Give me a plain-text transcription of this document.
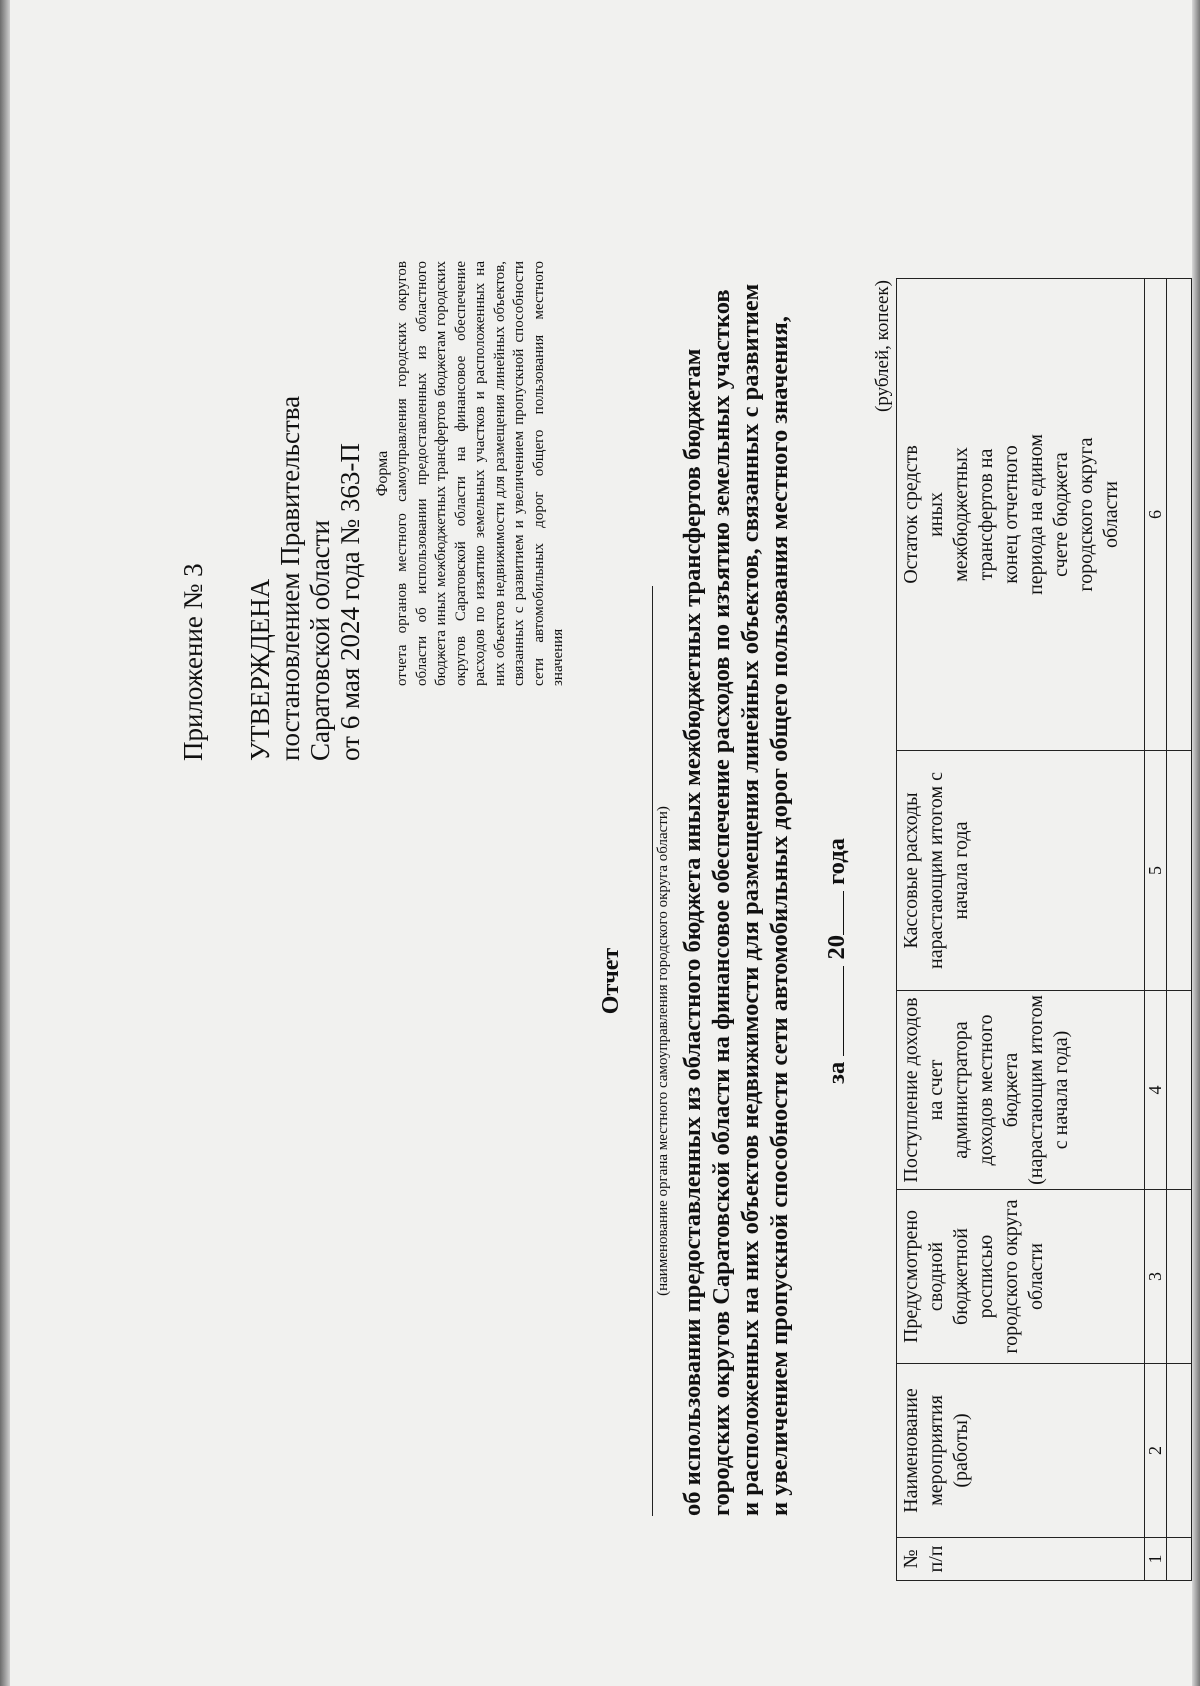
Приложение № 3 УТВЕРЖДЕНА постановлением Правительства Саратовской области от 6 мая 2024 года № 363-П Форма отчета органов местного самоуправления городских округов области об использовании предоставленных из областного бюджета иных межбюджетных трансфертов бюджетам городских округов Саратовской области на финансовое обеспечение расходов по изъятию земельных участков и расположенных на них объектов недвижимости для размещения линейных объектов, связанных с развитием и увеличением пропускной способности сети автомобильных дорог общего пользования местного значения
Отчет (наименование органа местного самоуправления городского округа области) об использовании предоставленных из областного бюджета иных межбюджетных трансфертов бюджетам городских округов Саратовской области на финансовое обеспечение расходов по изъятию земельных участков и расположенных на них объектов недвижимости для размещения линейных объектов, связанных с развитием и увеличением пропускной способности сети автомобильных дорог общего пользования местного значения, за  20 года
(рублей, копеек)
№ п/п	Наименование мероприятия (работы)	Предусмотрено сводной бюджетной росписью городского округа области	Поступление доходов на счет администратора доходов местного бюджета (нарастающим итогом с начала года)	Кассовые расходы нарастающим итогом с начала года	Остаток средств иных межбюджетных трансфертов на конец отчетного периода на едином счете бюджета городского округа области
1	2	3	4	5	6
